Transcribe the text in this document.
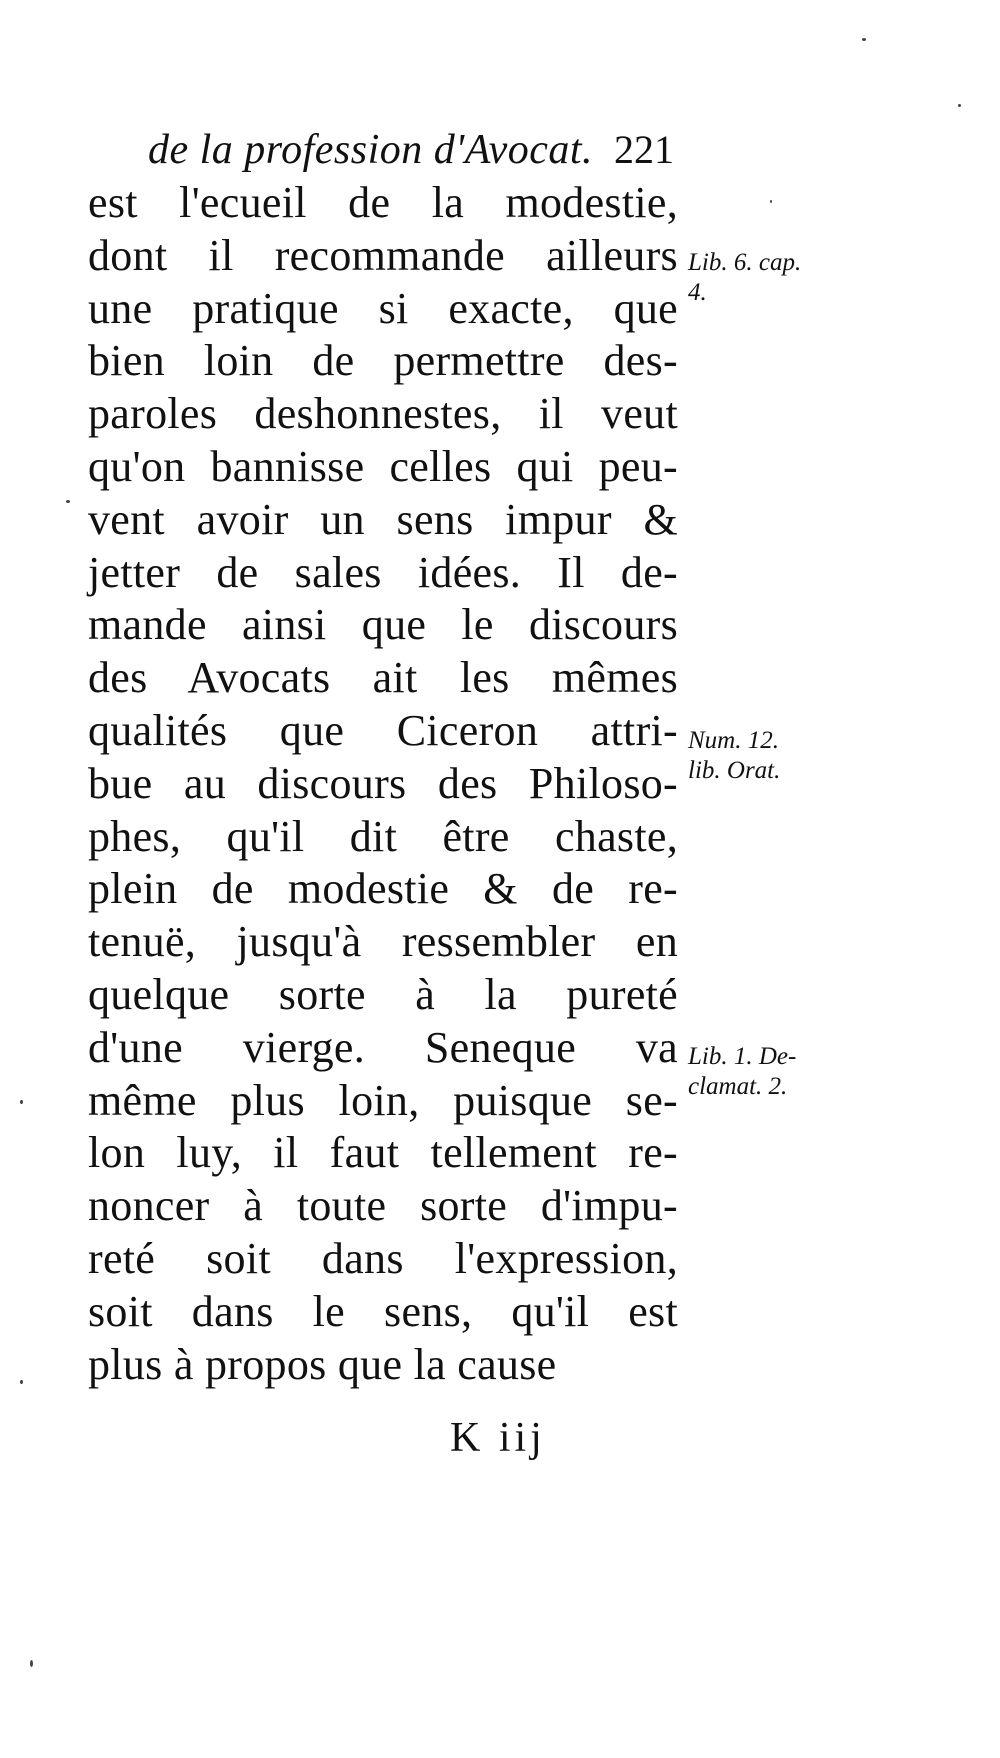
de la profession d'Avocat. 221
est l'ecueil de la modestie,
dont il recommande ailleurs
une pratique si exacte, que
bien loin de permettre des-
paroles deshonnestes, il veut
qu'on bannisse celles qui peu-
vent avoir un sens impur &
jetter de sales idées. Il de-
mande ainsi que le discours
des Avocats ait les mêmes
qualités que Ciceron attri-
bue au discours des Philoso-
phes, qu'il dit être chaste,
plein de modestie & de re-
tenuë, jusqu'à ressembler en
quelque sorte à la pureté
d'une vierge. Seneque va
même plus loin, puisque se-
lon luy, il faut tellement re-
noncer à toute sorte d'impu-
reté soit dans l'expression,
soit dans le sens, qu'il est
plus à propos que la cause
Lib. 6. cap.
4.
Num. 12.
lib. Orat.
Lib. 1. De-
clamat. 2.
K iij
